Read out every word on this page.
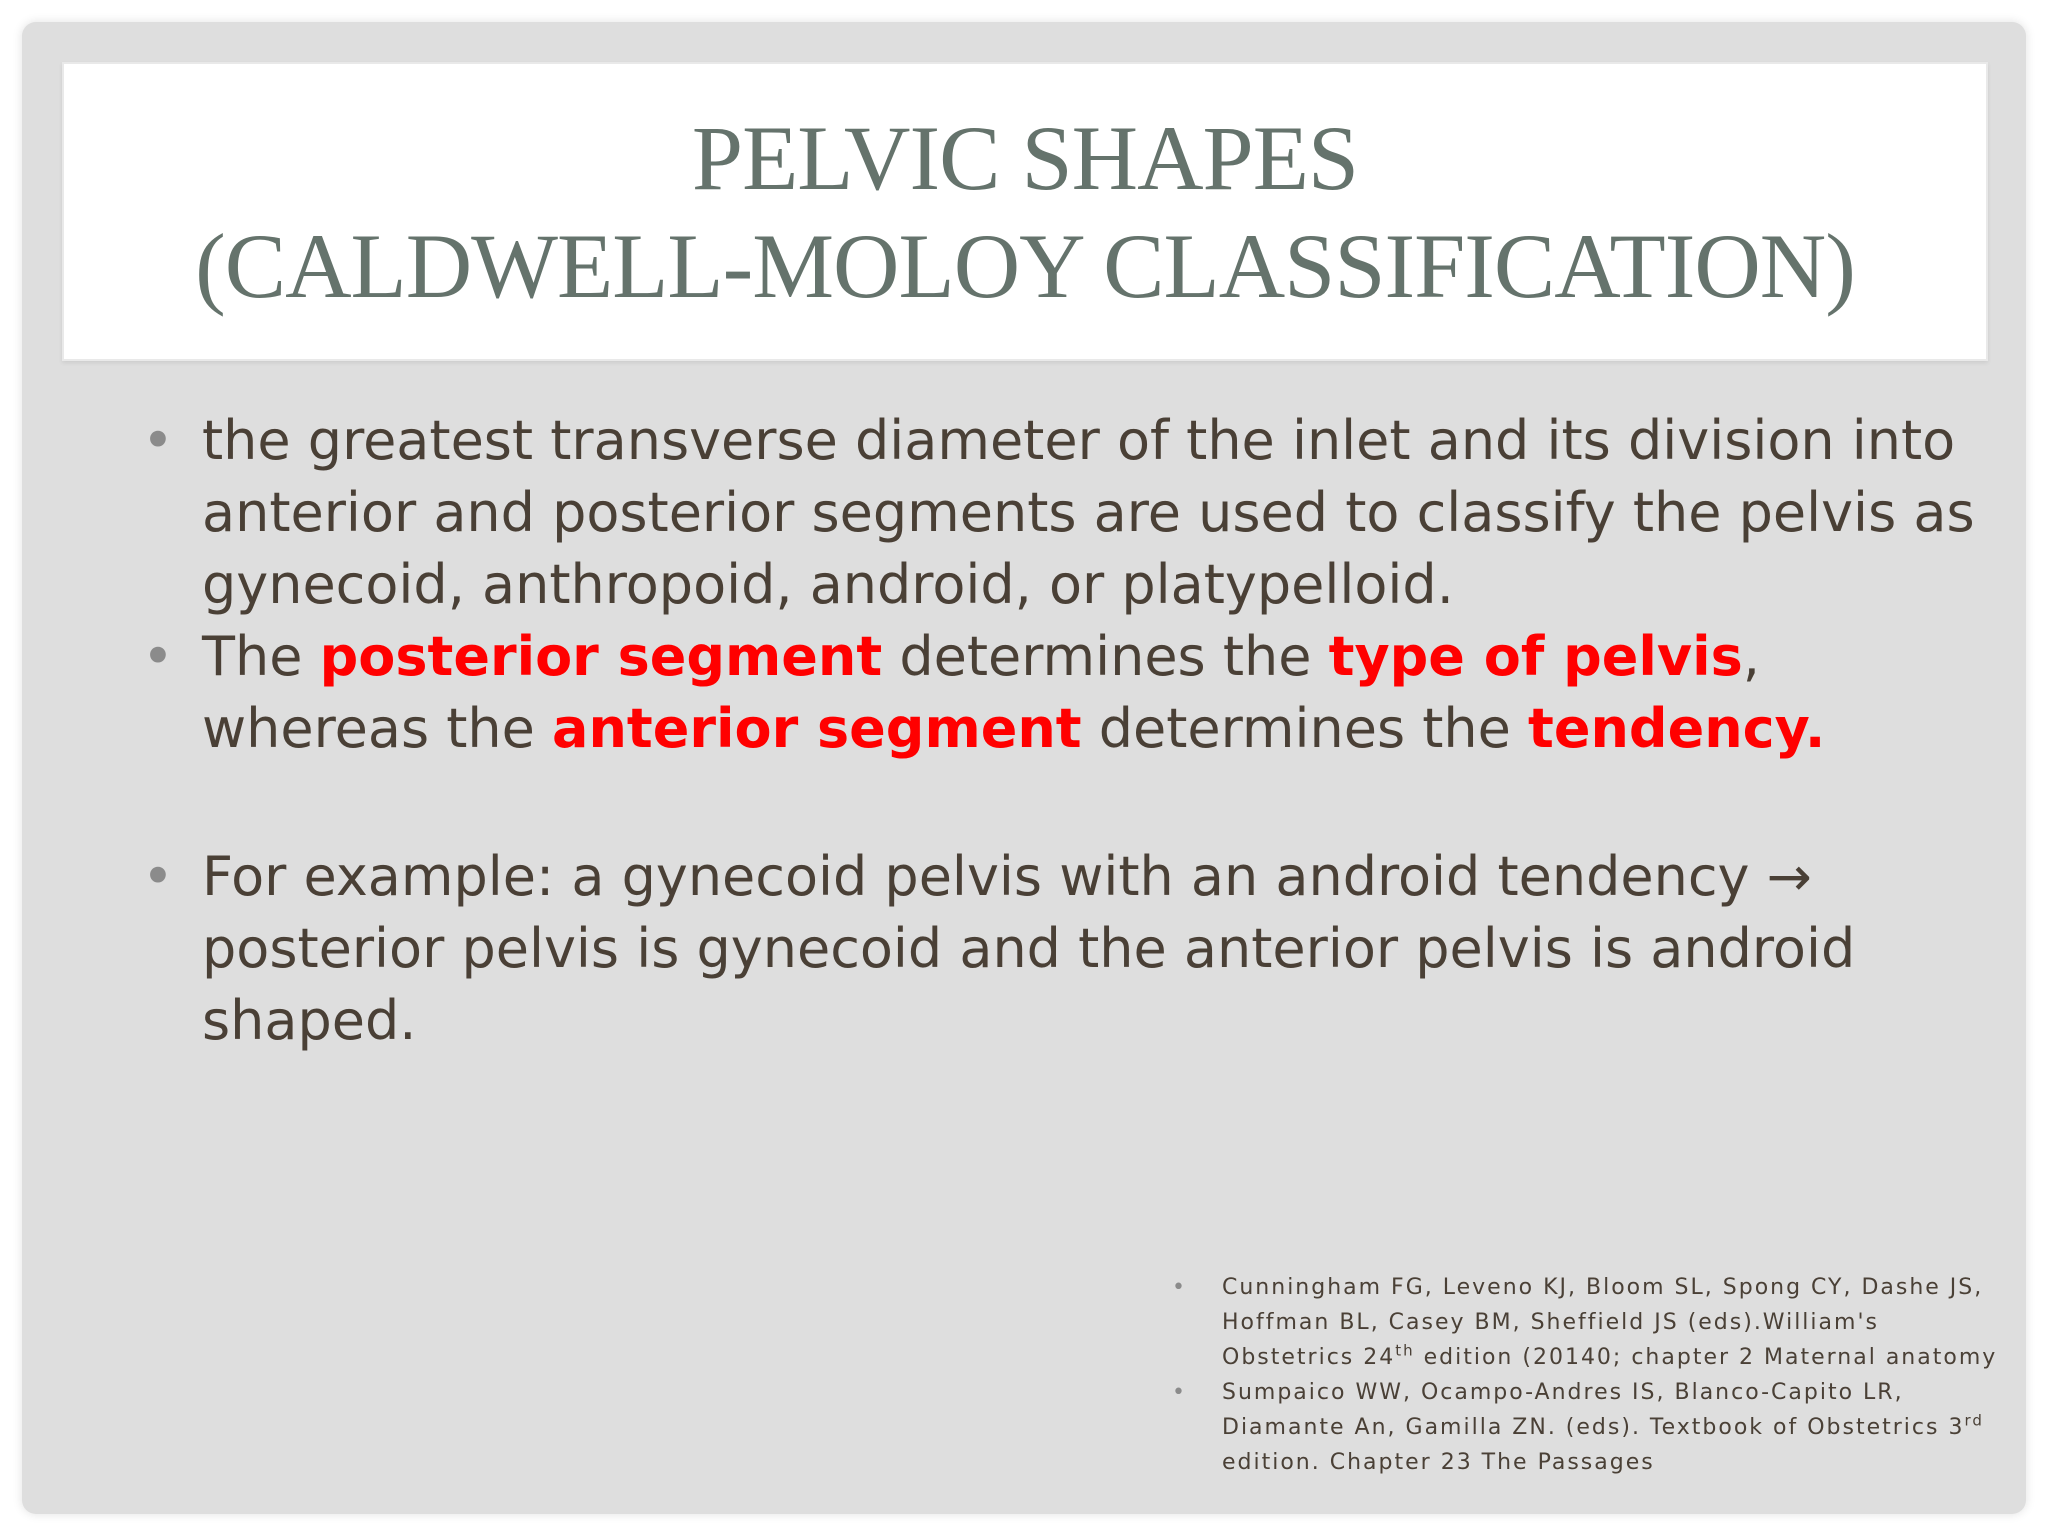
PELVIC SHAPES
(CALDWELL-MOLOY CLASSIFICATION)
• the greatest transverse diameter of the inlet and its division into anterior and posterior segments are used to classify the pelvis as gynecoid, anthropoid, android, or platypelloid.
• The posterior segment determines the type of pelvis, whereas the anterior segment determines the tendency.
• For example: a gynecoid pelvis with an android tendency → posterior pelvis is gynecoid and the anterior pelvis is android shaped.
• Cunningham FG, Leveno KJ, Bloom SL, Spong CY, Dashe JS, Hoffman BL, Casey BM, Sheffield JS (eds).William's Obstetrics 24th edition (20140; chapter 2 Maternal anatomy
• Sumpaico WW, Ocampo-Andres IS, Blanco-Capito LR, Diamante An, Gamilla ZN. (eds). Textbook of Obstetrics 3rd edition. Chapter 23 The Passages
